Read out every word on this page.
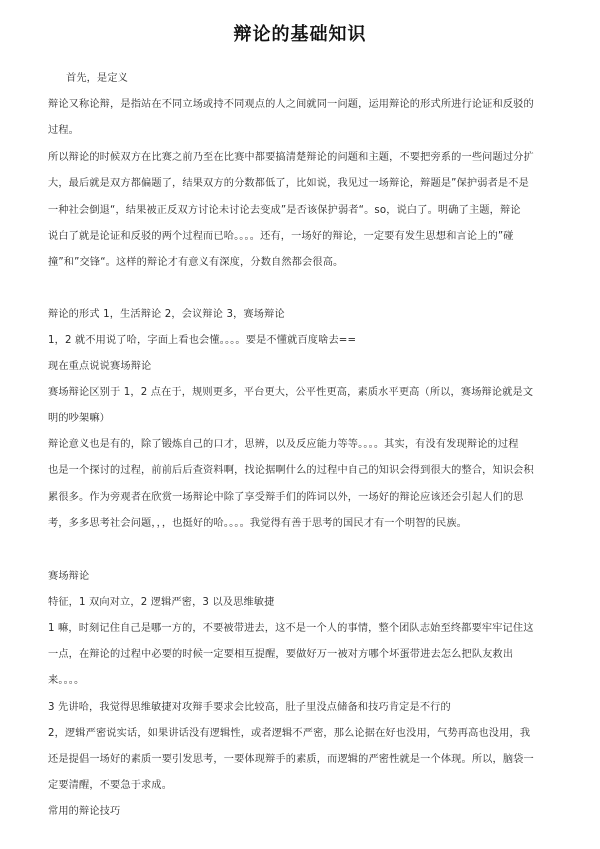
辩论的基础知识
首先，是定义
辩论又称论辩，是指站在不同立场或持不同观点的人之间就同一问题，运用辩论的形式所进行论证和反驳的
过程。
所以辩论的时候双方在比赛之前乃至在比赛中都要搞清楚辩论的问题和主题，不要把旁系的一些问题过分扩
大，最后就是双方都偏题了，结果双方的分数都低了，比如说，我见过一场辩论，辩题是”保护弱者是不是
一种社会倒退“，结果被正反双方讨论未讨论去变成”是否该保护弱者“。so，说白了。明确了主题，辩论
说白了就是论证和反驳的两个过程而已哈。。。。还有，一场好的辩论，一定要有发生思想和言论上的”碰
撞”和”交锋“。这样的辩论才有意义有深度，分数自然都会很高。
辩论的形式 1，生活辩论 2，会议辩论 3，赛场辩论
1，2 就不用说了哈，字面上看也会懂。。。。要是不懂就百度啥去==
现在重点说说赛场辩论
赛场辩论区别于 1，2 点在于，规则更多，平台更大，公平性更高，素质水平更高（所以，赛场辩论就是文
明的吵架嘛）
辩论意义也是有的，除了锻炼自己的口才，思辨，以及反应能力等等。。。。其实，有没有发现辩论的过程
也是一个探讨的过程，前前后后查资料啊，找论据啊什么的过程中自己的知识会得到很大的整合，知识会积
累很多。作为旁观者在欣赏一场辩论中除了享受辩手们的阵词以外，一场好的辩论应该还会引起人们的思
考，多多思考社会问题，，，也挺好的哈。。。。我觉得有善于思考的国民才有一个明智的民族。
赛场辩论
特征，1 双向对立，2 逻辑严密，3 以及思维敏捷
1 嘛，时刻记住自己是哪一方的，不要被带进去，这不是一个人的事情，整个团队志始至终都要牢牢记住这
一点，在辩论的过程中必要的时候一定要相互提醒，要做好万一被对方哪个坏蛋带进去怎么把队友救出
来。。。。
3 先讲哈，我觉得思维敏捷对攻辩手要求会比较高，肚子里没点储备和技巧肯定是不行的
2，逻辑严密说实话，如果讲话没有逻辑性，或者逻辑不严密，那么论据在好也没用，气势再高也没用，我
还是提倡一场好的素质一要引发思考，一要体现辩手的素质，而逻辑的严密性就是一个体现。所以，脑袋一
定要清醒，不要急于求成。
常用的辩论技巧
